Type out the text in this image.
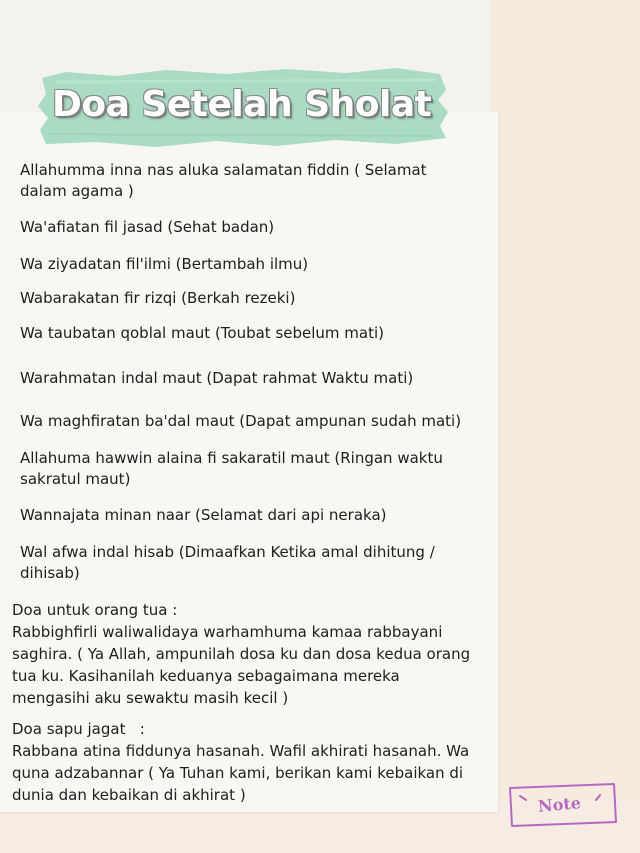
Doa Setelah Sholat
Allahumma inna nas aluka salamatan fiddin ( Selamat
dalam agama )
Wa'afiatan fil jasad (Sehat badan)
Wa ziyadatan fil'ilmi (Bertambah ilmu)
Wabarakatan fir rizqi (Berkah rezeki)
Wa taubatan qoblal maut (Toubat sebelum mati)
Warahmatan indal maut (Dapat rahmat Waktu mati)
Wa maghfiratan ba'dal maut (Dapat ampunan sudah mati)
Allahuma hawwin alaina fi sakaratil maut (Ringan waktu
sakratul maut)
Wannajata minan naar (Selamat dari api neraka)
Wal afwa indal hisab (Dimaafkan Ketika amal dihitung /
dihisab)
Doa untuk orang tua :
Rabbighfirli waliwalidaya warhamhuma kamaa rabbayani
saghira. ( Ya Allah, ampunilah dosa ku dan dosa kedua orang
tua ku. Kasihanilah keduanya sebagaimana mereka
mengasihi aku sewaktu masih kecil )
Doa sapu jagat   :
Rabbana atina fiddunya hasanah. Wafil akhirati hasanah. Wa
quna adzabannar ( Ya Tuhan kami, berikan kami kebaikan di
dunia dan kebaikan di akhirat )	Note
